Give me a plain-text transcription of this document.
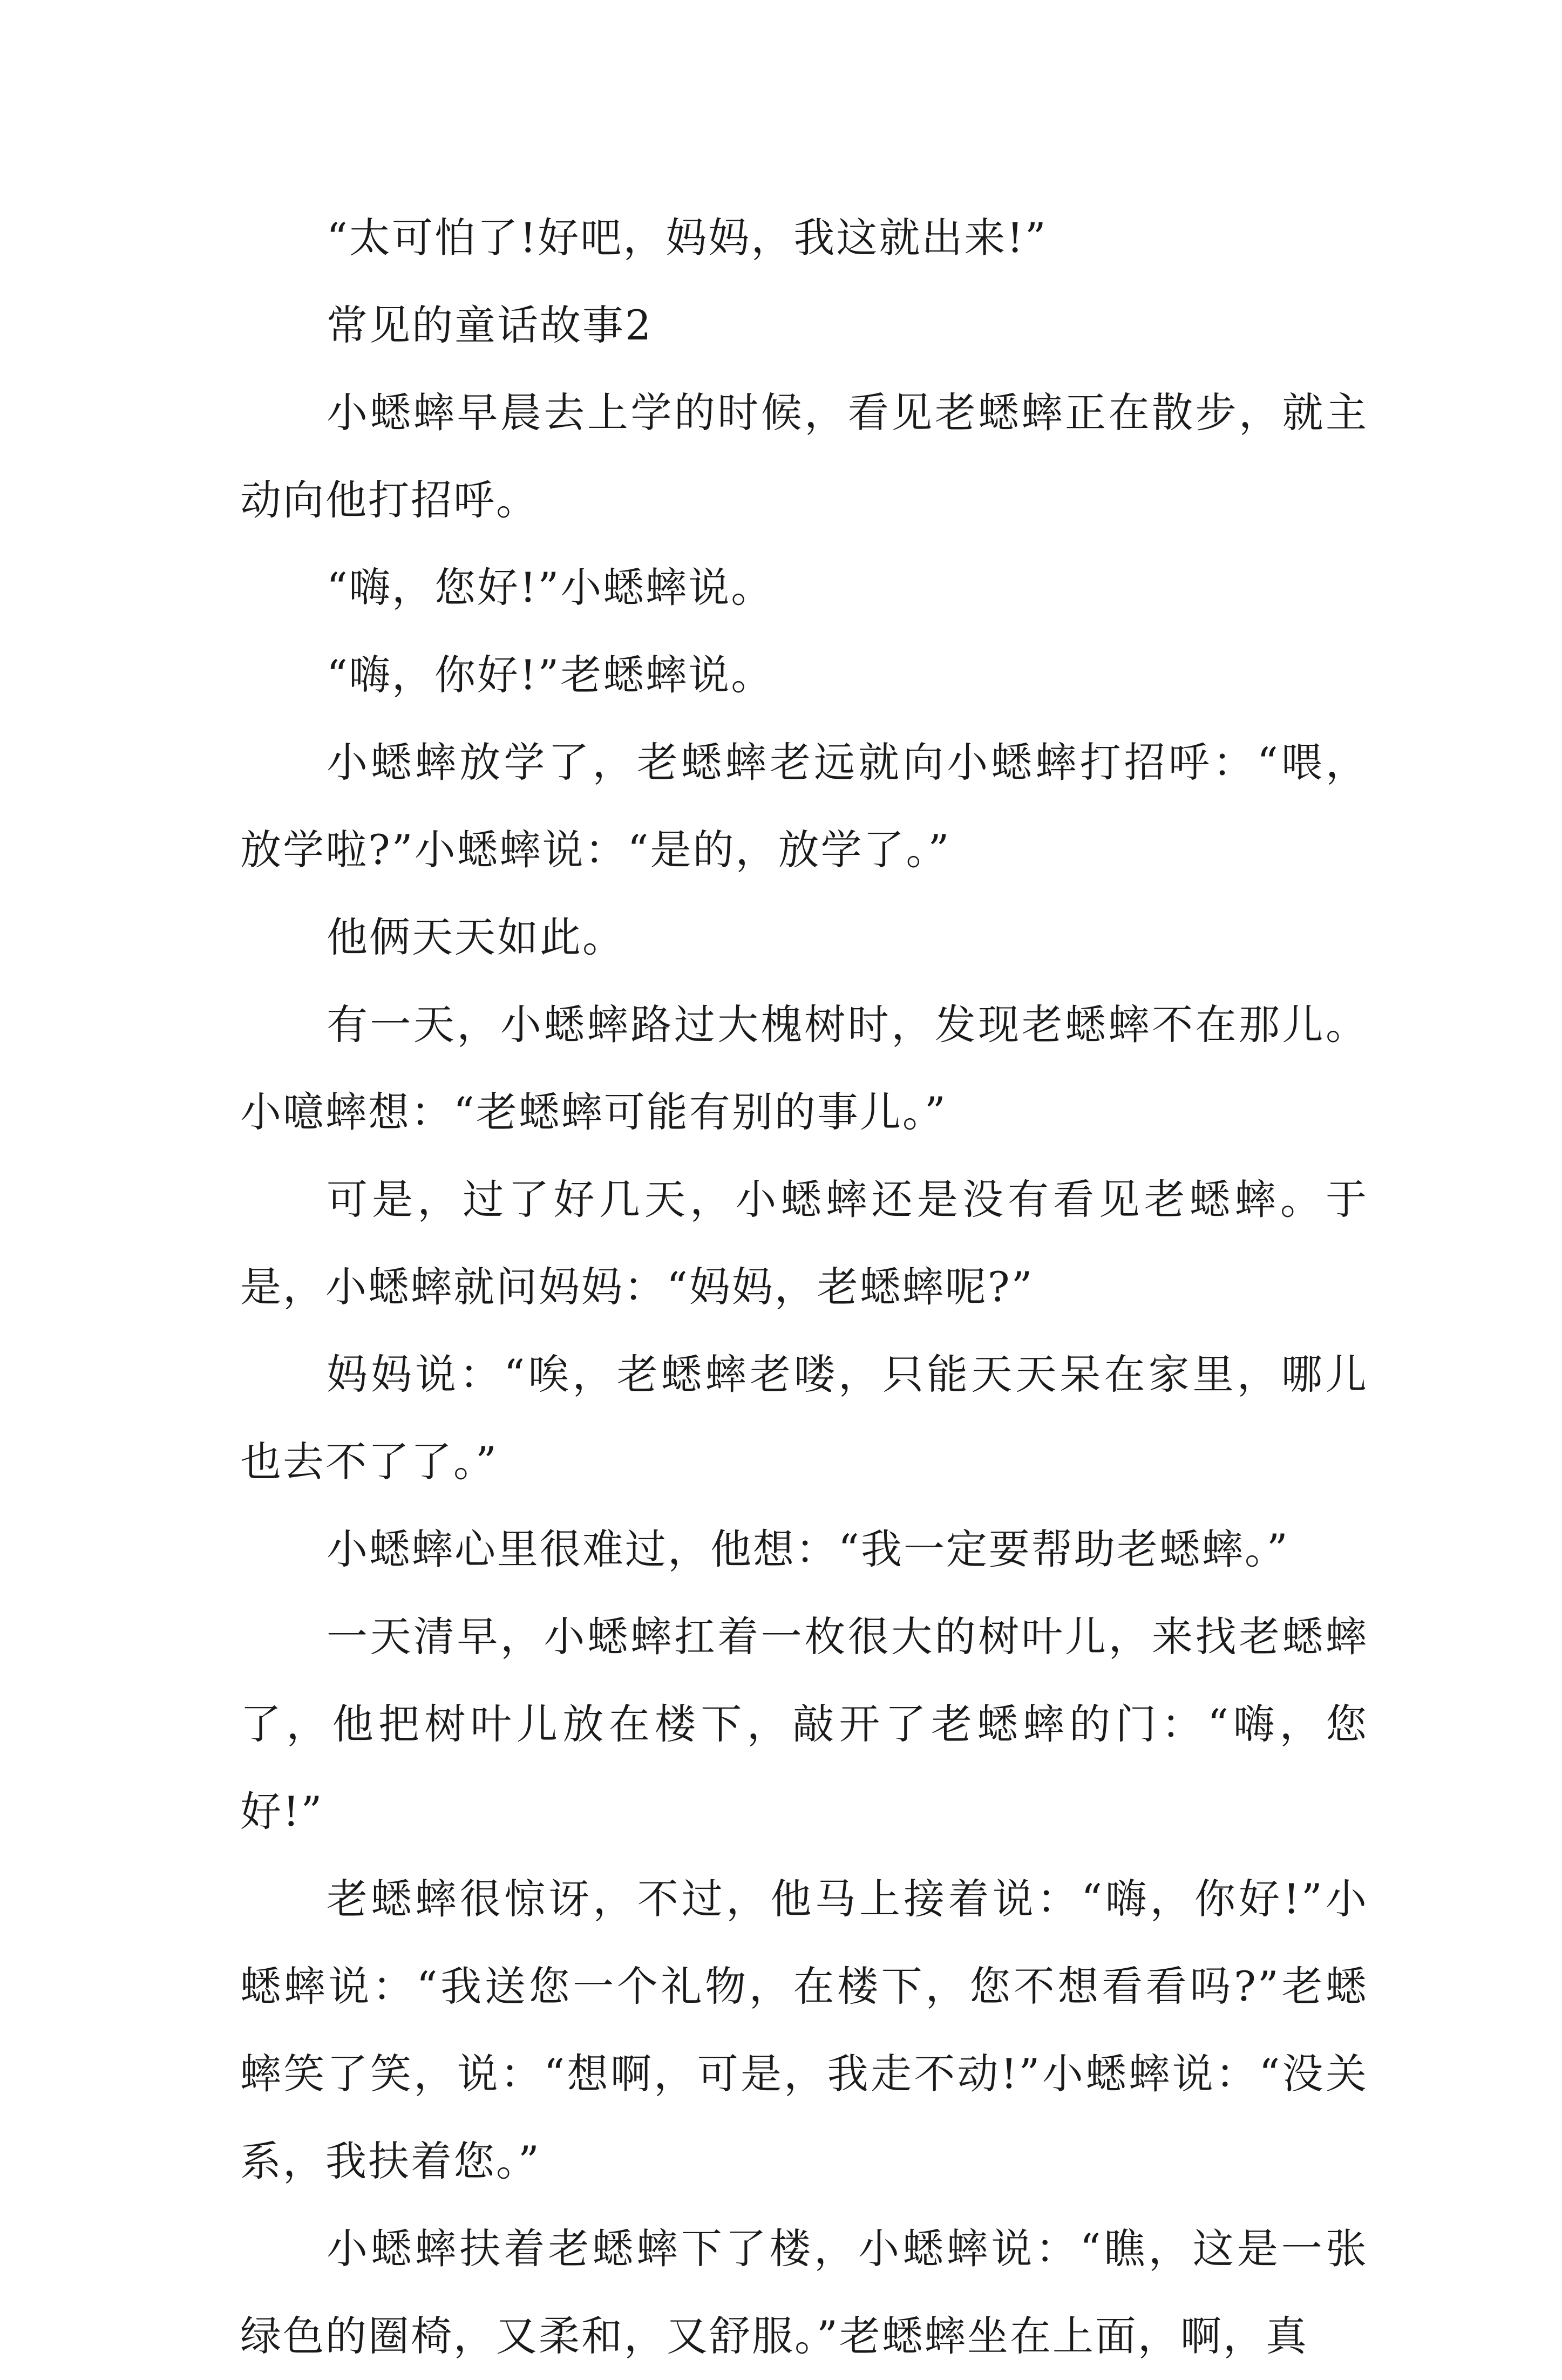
“太可怕了!好吧，妈妈，我这就出来!”

常见的童话故事2

小蟋蟀早晨去上学的时候，看见老蟋蟀正在散步，就主动向他打招呼。

“嗨，您好!”小蟋蟀说。

“嗨，你好!”老蟋蟀说。

小蟋蟀放学了，老蟋蟀老远就向小蟋蟀打招呼：“喂，放学啦?”小蟋蟀说：“是的，放学了。”

他俩天天如此。

有一天，小蟋蟀路过大槐树时，发现老蟋蟀不在那儿。小噫蟀想：“老蟋蟀可能有别的事儿。”

可是，过了好几天，小蟋蟀还是没有看见老蟋蟀。于是，小蟋蟀就问妈妈：“妈妈，老蟋蟀呢?”

妈妈说：“唉，老蟋蟀老喽，只能天天呆在家里，哪儿也去不了了。”

小蟋蟀心里很难过，他想：“我一定要帮助老蟋蟀。”

一天清早，小蟋蟀扛着一枚很大的树叶儿，来找老蟋蟀了，他把树叶儿放在楼下，敲开了老蟋蟀的门：“嗨，您好!”

老蟋蟀很惊讶，不过，他马上接着说：“嗨，你好!”小蟋蟀说：“我送您一个礼物，在楼下，您不想看看吗?”老蟋蟀笑了笑，说：“想啊，可是，我走不动!”小蟋蟀说：“没关系，我扶着您。”

小蟋蟀扶着老蟋蟀下了楼，小蟋蟀说：“瞧，这是一张绿色的圈椅，又柔和，又舒服。”老蟋蟀坐在上面，啊，真
